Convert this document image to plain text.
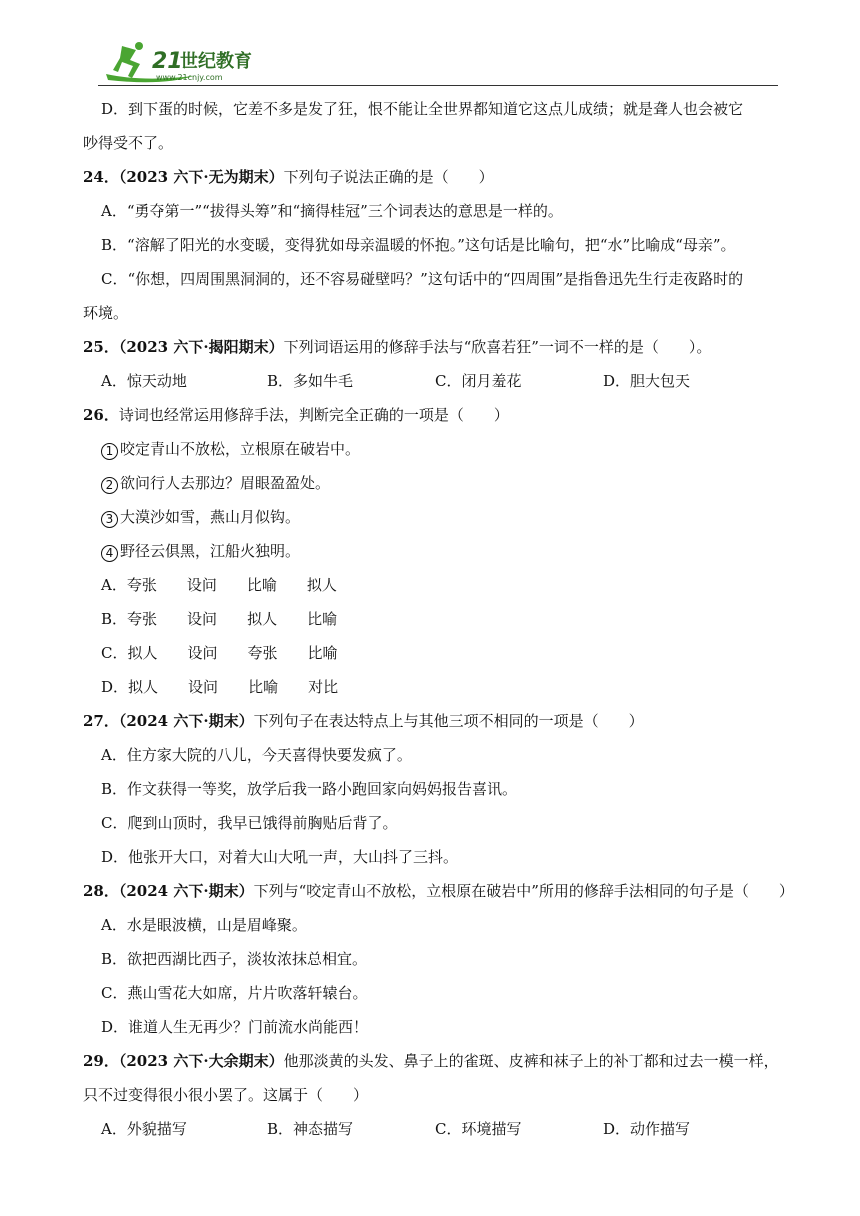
21
世纪教育
www.21cnjy.com
D．到下蛋的时候，它差不多是发了狂，恨不能让全世界都知道它这点儿成绩；就是聋人也会被它
吵得受不了。
24．（2023 六下·无为期末）下列句子说法正确的是（　　）
A．“勇夺第一”“拔得头筹”和“摘得桂冠”三个词表达的意思是一样的。
B．“溶解了阳光的水变暖，变得犹如母亲温暖的怀抱。”这句话是比喻句，把“水”比喻成“母亲”。
C．“你想，四周围黑洞洞的，还不容易碰壁吗？”这句话中的“四周围”是指鲁迅先生行走夜路时的
环境。
25．（2023 六下·揭阳期末）下列词语运用的修辞手法与“欣喜若狂”一词不一样的是（　　）。
A．惊天动地	B．多如牛毛	C．闭月羞花	D．胆大包天
26．诗词也经常运用修辞手法，判断完全正确的一项是（　　）
1 咬定青山不放松，立根原在破岩中。
2 欲问行人去那边？眉眼盈盈处。
3 大漠沙如雪，燕山月似钩。
4 野径云俱黑，江船火独明。
A．夸张 设问 比喻 拟人
B．夸张 设问 拟人 比喻
C．拟人 设问 夸张 比喻
D．拟人 设问 比喻 对比
27．（2024 六下·期末）下列句子在表达特点上与其他三项不相同的一项是（　　）
A．住方家大院的八儿，今天喜得快要发疯了。
B．作文获得一等奖，放学后我一路小跑回家向妈妈报告喜讯。
C．爬到山顶时，我早已饿得前胸贴后背了。
D．他张开大口，对着大山大吼一声，大山抖了三抖。
28．（2024 六下·期末）下列与“咬定青山不放松，立根原在破岩中”所用的修辞手法相同的句子是（　　）
A．水是眼波横，山是眉峰聚。
B．欲把西湖比西子，淡妆浓抹总相宜。
C．燕山雪花大如席，片片吹落轩辕台。
D．谁道人生无再少？门前流水尚能西！
29．（2023 六下·大余期末）他那淡黄的头发、鼻子上的雀斑、皮裤和袜子上的补丁都和过去一模一样，
只不过变得很小很小罢了。这属于（　　）
A．外貌描写	B．神态描写	C．环境描写	D．动作描写
